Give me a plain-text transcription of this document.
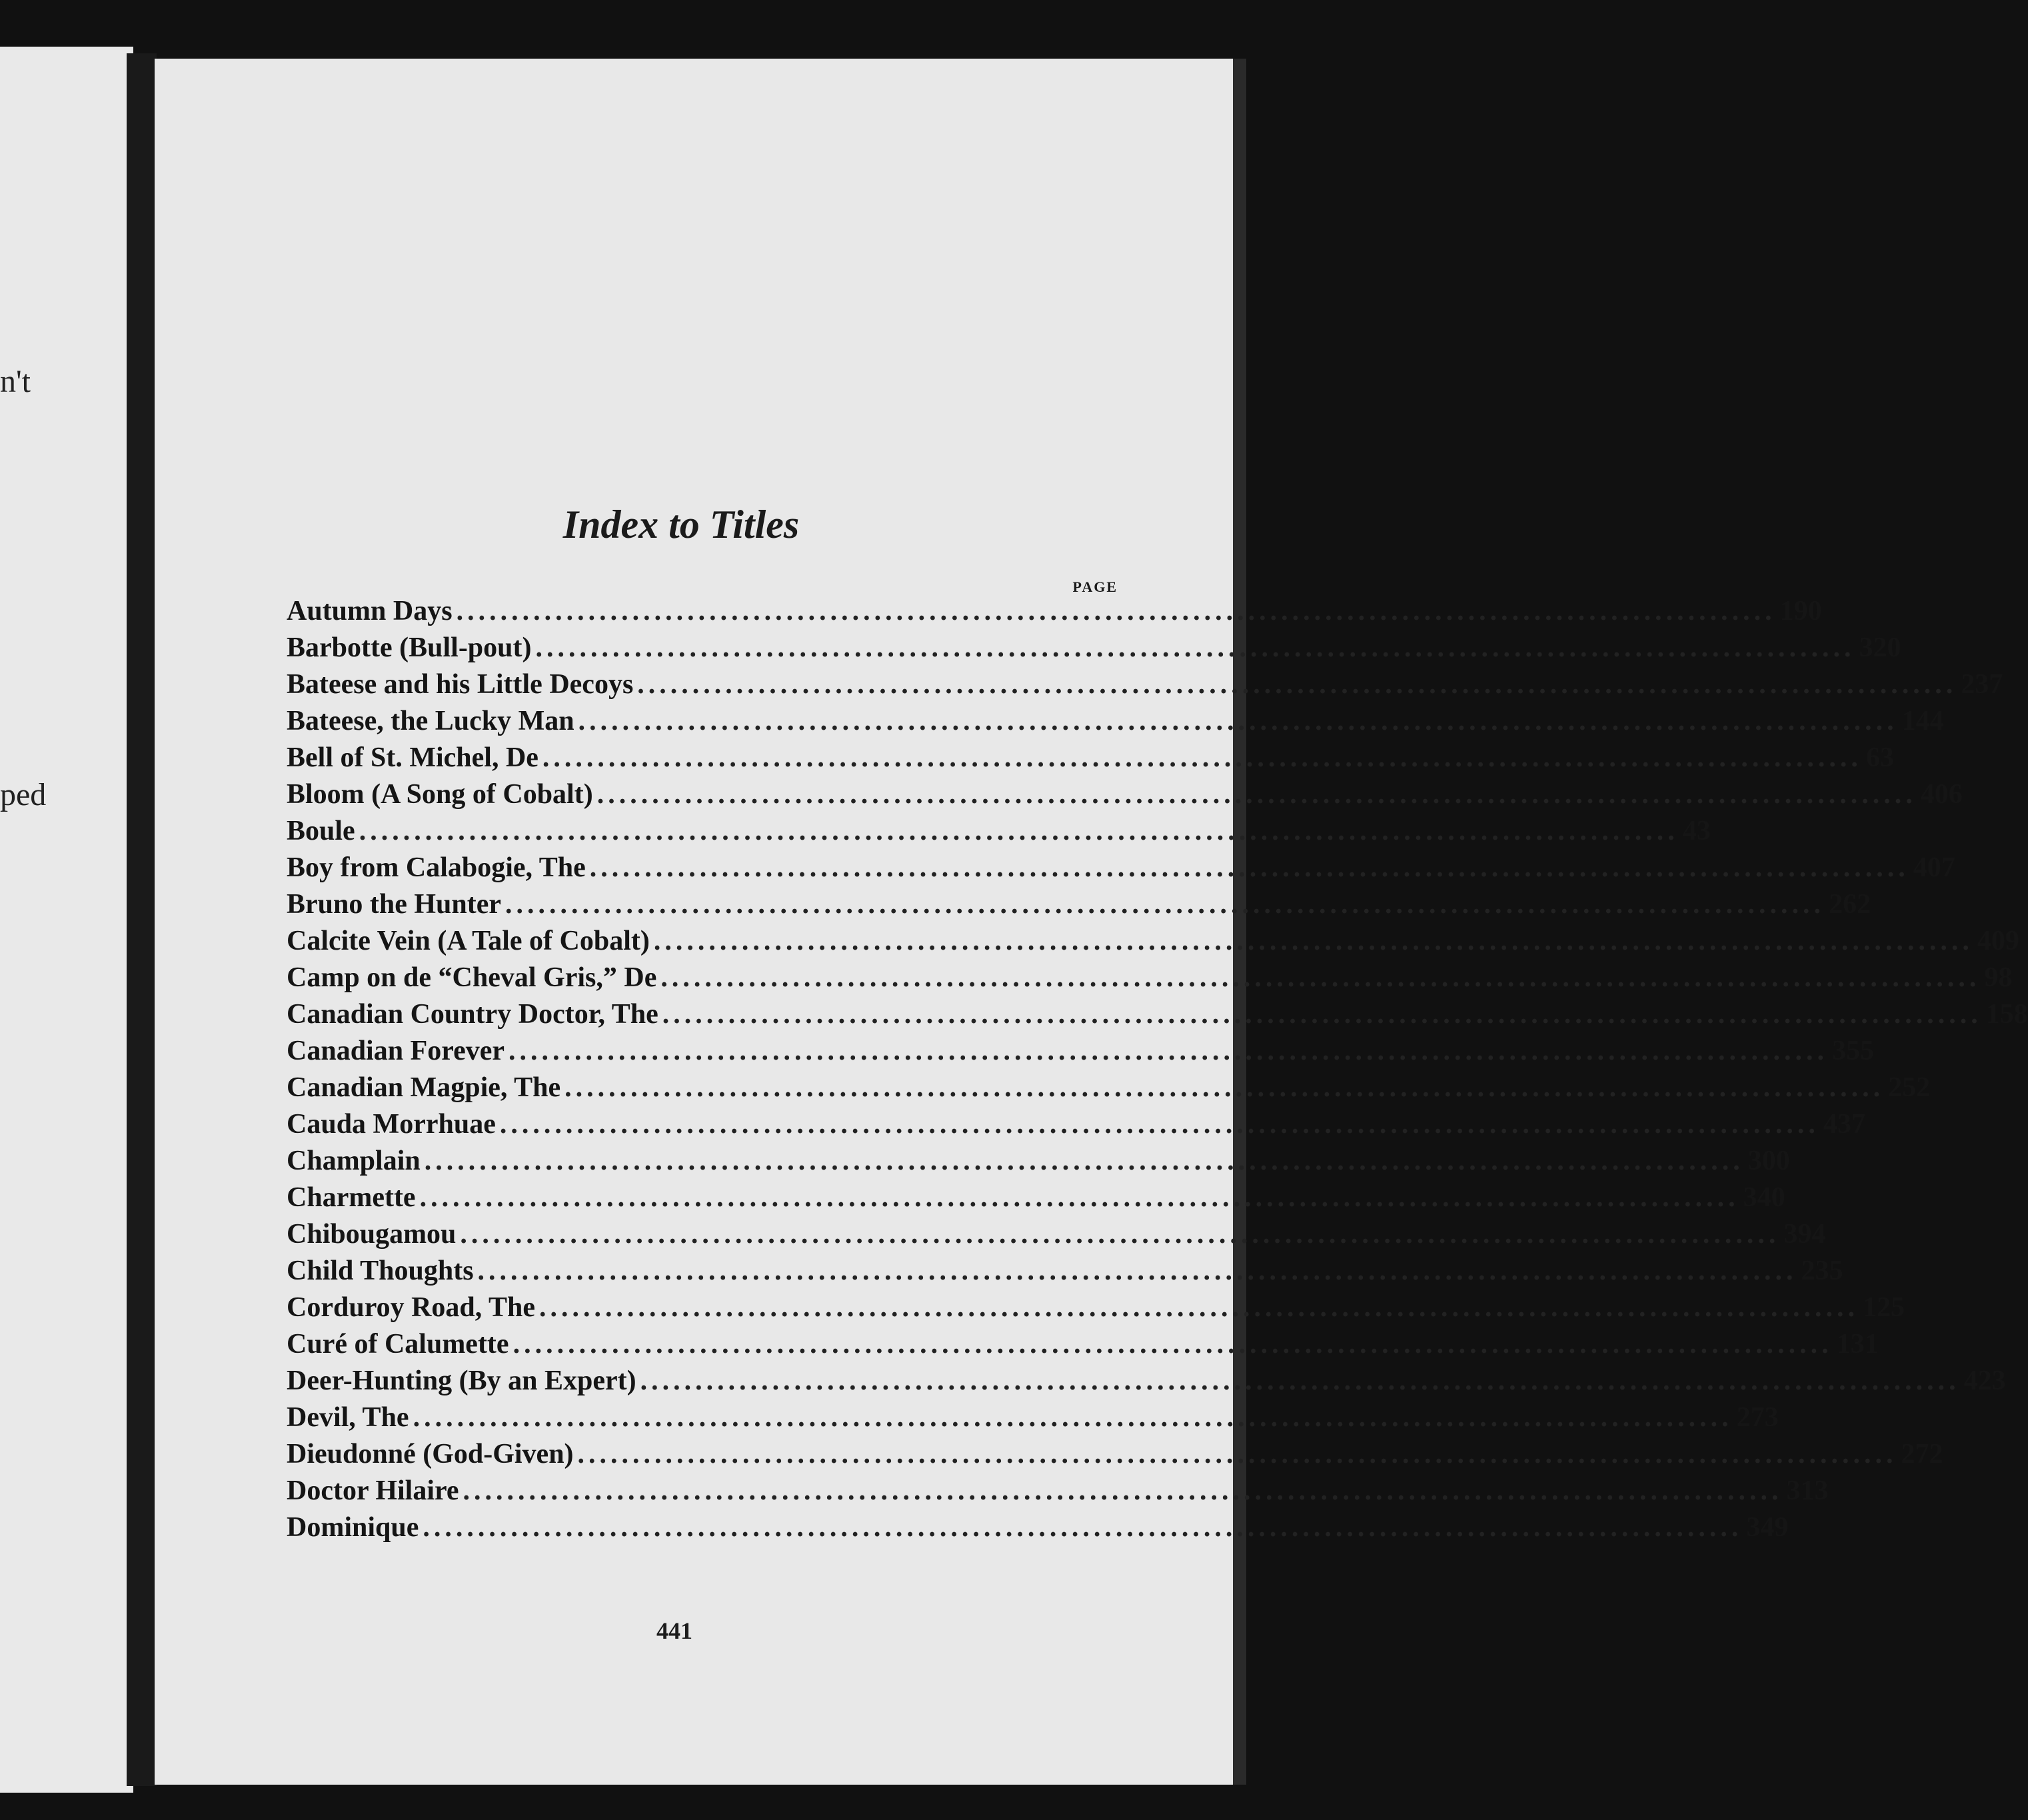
n't
ped
Index to Titles
PAGE
Autumn Days ........................................................................................................................ 190
Barbotte (Bull-pout) ........................................................................................................................ 320
Bateese and his Little Decoys ........................................................................................................................ 237
Bateese, the Lucky Man ........................................................................................................................ 144
Bell of St. Michel, De ........................................................................................................................ 63
Bloom (A Song of Cobalt) ........................................................................................................................ 406
Boule ........................................................................................................................ 43
Boy from Calabogie, The ........................................................................................................................ 407
Bruno the Hunter ........................................................................................................................ 262
Calcite Vein (A Tale of Cobalt) ........................................................................................................................ 409
Camp on de “Cheval Gris,” De ........................................................................................................................ 98
Canadian Country Doctor, The ........................................................................................................................ 158
Canadian Forever ........................................................................................................................ 355
Canadian Magpie, The ........................................................................................................................ 252
Cauda Morrhuae ........................................................................................................................ 437
Champlain ........................................................................................................................ 300
Charmette ........................................................................................................................ 340
Chibougamou ........................................................................................................................ 394
Child Thoughts ........................................................................................................................ 235
Corduroy Road, The ........................................................................................................................ 125
Curé of Calumette ........................................................................................................................ 131
Deer-Hunting (By an Expert) ........................................................................................................................ 423
Devil, The ........................................................................................................................ 273
Dieudonné (God-Given) ........................................................................................................................ 272
Doctor Hilaire ........................................................................................................................ 313
Dominique ........................................................................................................................ 349
441
